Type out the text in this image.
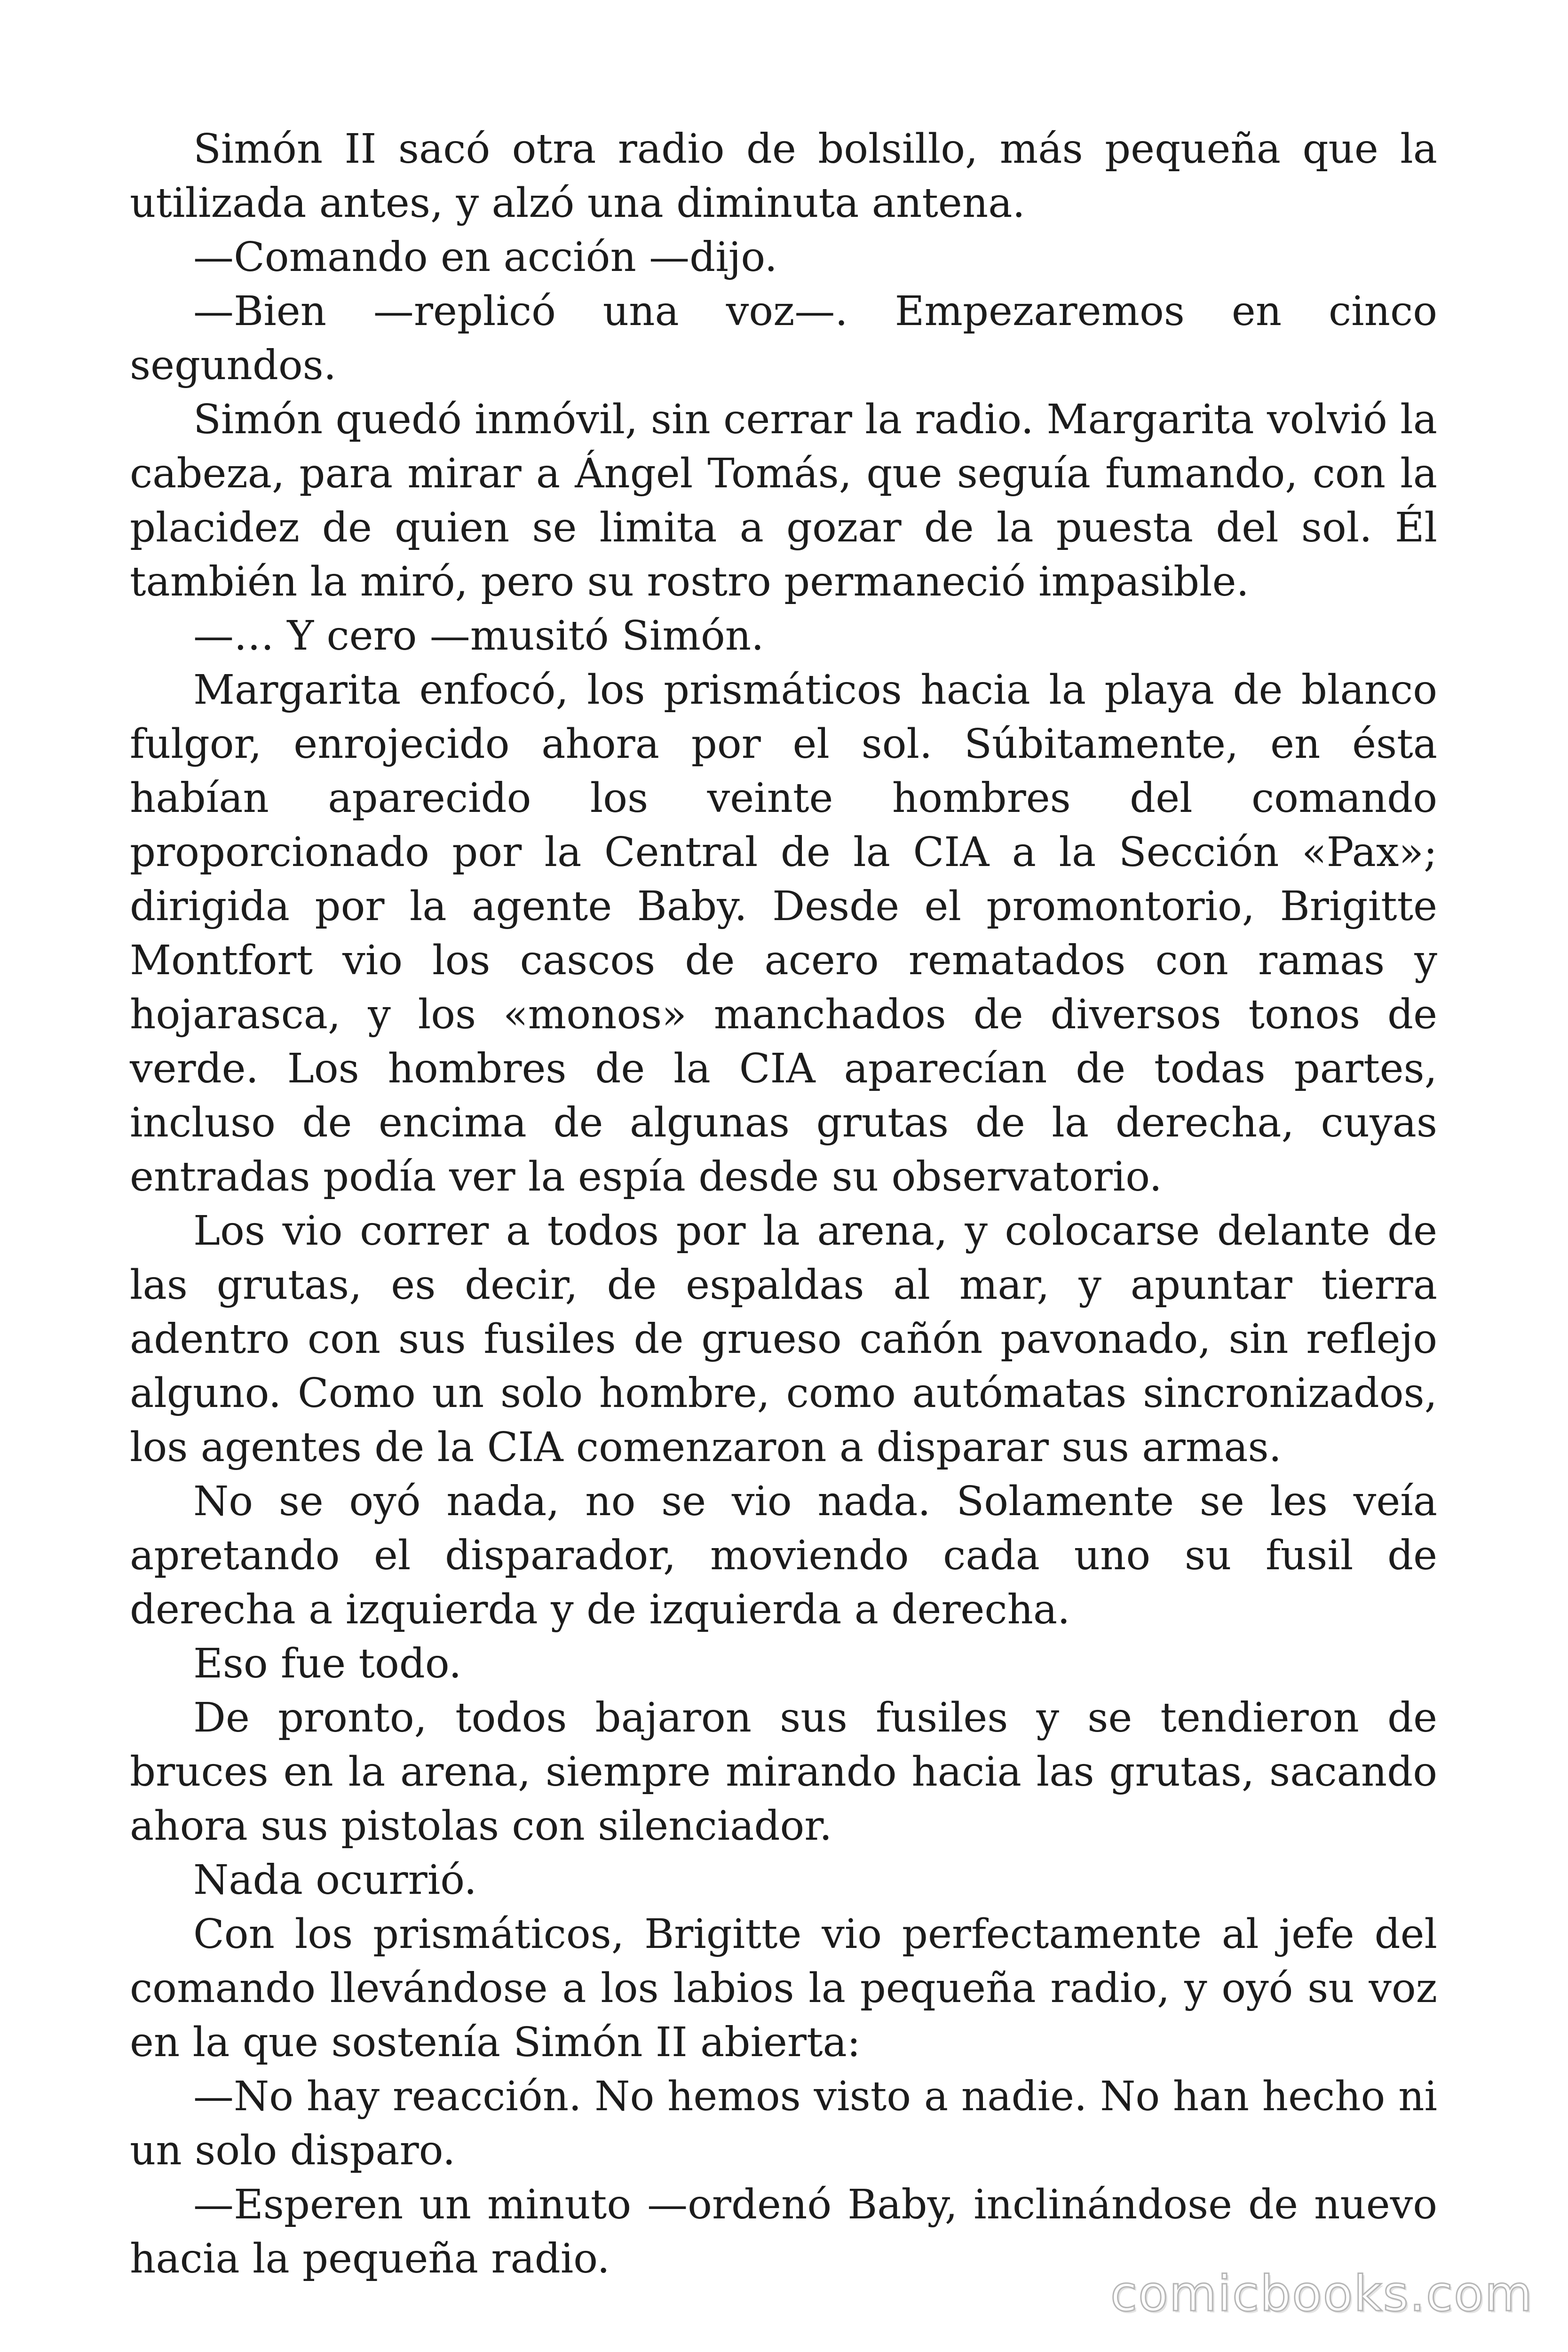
Simón II sacó otra radio de bolsillo, más pequeña que la utilizada antes, y alzó una diminuta antena.

—Comando en acción —dijo.

—Bien —replicó una voz—. Empezaremos en cinco segundos.

Simón quedó inmóvil, sin cerrar la radio. Margarita volvió la cabeza, para mirar a Ángel Tomás, que seguía fumando, con la placidez de quien se limita a gozar de la puesta del sol. Él también la miró, pero su rostro permaneció impasible.

—… Y cero —musitó Simón.

Margarita enfocó, los prismáticos hacia la playa de blanco fulgor, enrojecido ahora por el sol. Súbitamente, en ésta habían aparecido los veinte hombres del comando proporcionado por la Central de la CIA a la Sección «Pax»; dirigida por la agente Baby. Desde el promontorio, Brigitte Montfort vio los cascos de acero rematados con ramas y hojarasca, y los «monos» manchados de diversos tonos de verde. Los hombres de la CIA aparecían de todas partes, incluso de encima de algunas grutas de la derecha, cuyas entradas podía ver la espía desde su observatorio.

Los vio correr a todos por la arena, y colocarse delante de las grutas, es decir, de espaldas al mar, y apuntar tierra adentro con sus fusiles de grueso cañón pavonado, sin reflejo alguno. Como un solo hombre, como autómatas sincronizados, los agentes de la CIA comenzaron a disparar sus armas.

No se oyó nada, no se vio nada. Solamente se les veía apretando el disparador, moviendo cada uno su fusil de derecha a izquierda y de izquierda a derecha.

Eso fue todo.

De pronto, todos bajaron sus fusiles y se tendieron de bruces en la arena, siempre mirando hacia las grutas, sacando ahora sus pistolas con silenciador.

Nada ocurrió.

Con los prismáticos, Brigitte vio perfectamente al jefe del comando llevándose a los labios la pequeña radio, y oyó su voz en la que sostenía Simón II abierta:

—No hay reacción. No hemos visto a nadie. No han hecho ni un solo disparo.

—Esperen un minuto —ordenó Baby, inclinándose de nuevo hacia la pequeña radio.

comicbooks.com
